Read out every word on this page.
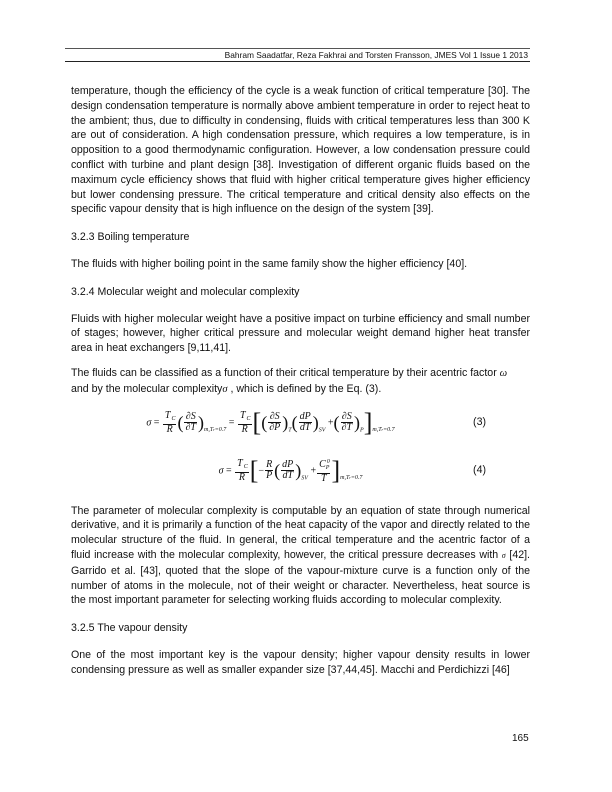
Bahram Saadatfar, Reza Fakhrai and Torsten Fransson, JMES Vol 1 Issue 1 2013

temperature, though the efficiency of the cycle is a weak function of critical temperature [30]. The design condensation temperature is normally above ambient temperature in order to reject heat to the ambient; thus, due to difficulty in condensing, fluids with critical temperatures less than 300 K are out of consideration. A high condensation pressure, which requires a low temperature, is in opposition to a good thermodynamic configuration. However, a low condensation pressure could conflict with turbine and plant design [38]. Investigation of different organic fluids based on the maximum cycle efficiency shows that fluid with higher critical temperature gives higher efficiency but lower condensing pressure. The critical temperature and critical density also effects on the specific vapour density that is high influence on the design of the system [39].

3.2.3 Boiling temperature

The fluids with higher boiling point in the same family show the higher efficiency [40].

3.2.4 Molecular weight and molecular complexity

Fluids with higher molecular weight have a positive impact on turbine efficiency and small number of stages; however, higher critical pressure and molecular weight demand higher heat transfer area in heat exchangers [9,11,41].

The fluids can be classified as a function of their critical temperature by their acentric factor ω
and by the molecular complexityσ , which is defined by the Eq. (3).

$\sigma = \frac{T_C}{R}$ ( $\frac{\partial S}{\partial T} )_{m,Tr=0.7} = \frac{T_C}{R}$ [( $\frac{\partial S}{\partial P} )_T( \frac{dP}{dT} )_{SV}$ +( $\frac{\partial S}{\partial T} )_P]_{m,Tr=0.7}$
(3)
$\sigma = \frac{T_C}{R}$ [− $\frac{R}{P}$ ( $\frac{dP}{dT} )_{SV} + \frac{C^0_P}{T} ]_{m,Tr=0.7}$
(4)

The parameter of molecular complexity is computable by an equation of state through numerical derivative, and it is primarily a function of the heat capacity of the vapor and directly related to the molecular structure of the fluid. In general, the critical temperature and the acentric factor of a fluid increase with the molecular complexity, however, the critical pressure decreases with σ [42]. Garrido et al. [43], quoted that the slope of the vapour-mixture curve is a function only of the number of atoms in the molecule, not of their weight or character. Nevertheless, heat source is the most important parameter for selecting working fluids according to molecular complexity.

3.2.5 The vapour density

One of the most important key is the vapour density; higher vapour density results in lower condensing pressure as well as smaller expander size [37,44,45]. Macchi and Perdichizzi [46]

165
